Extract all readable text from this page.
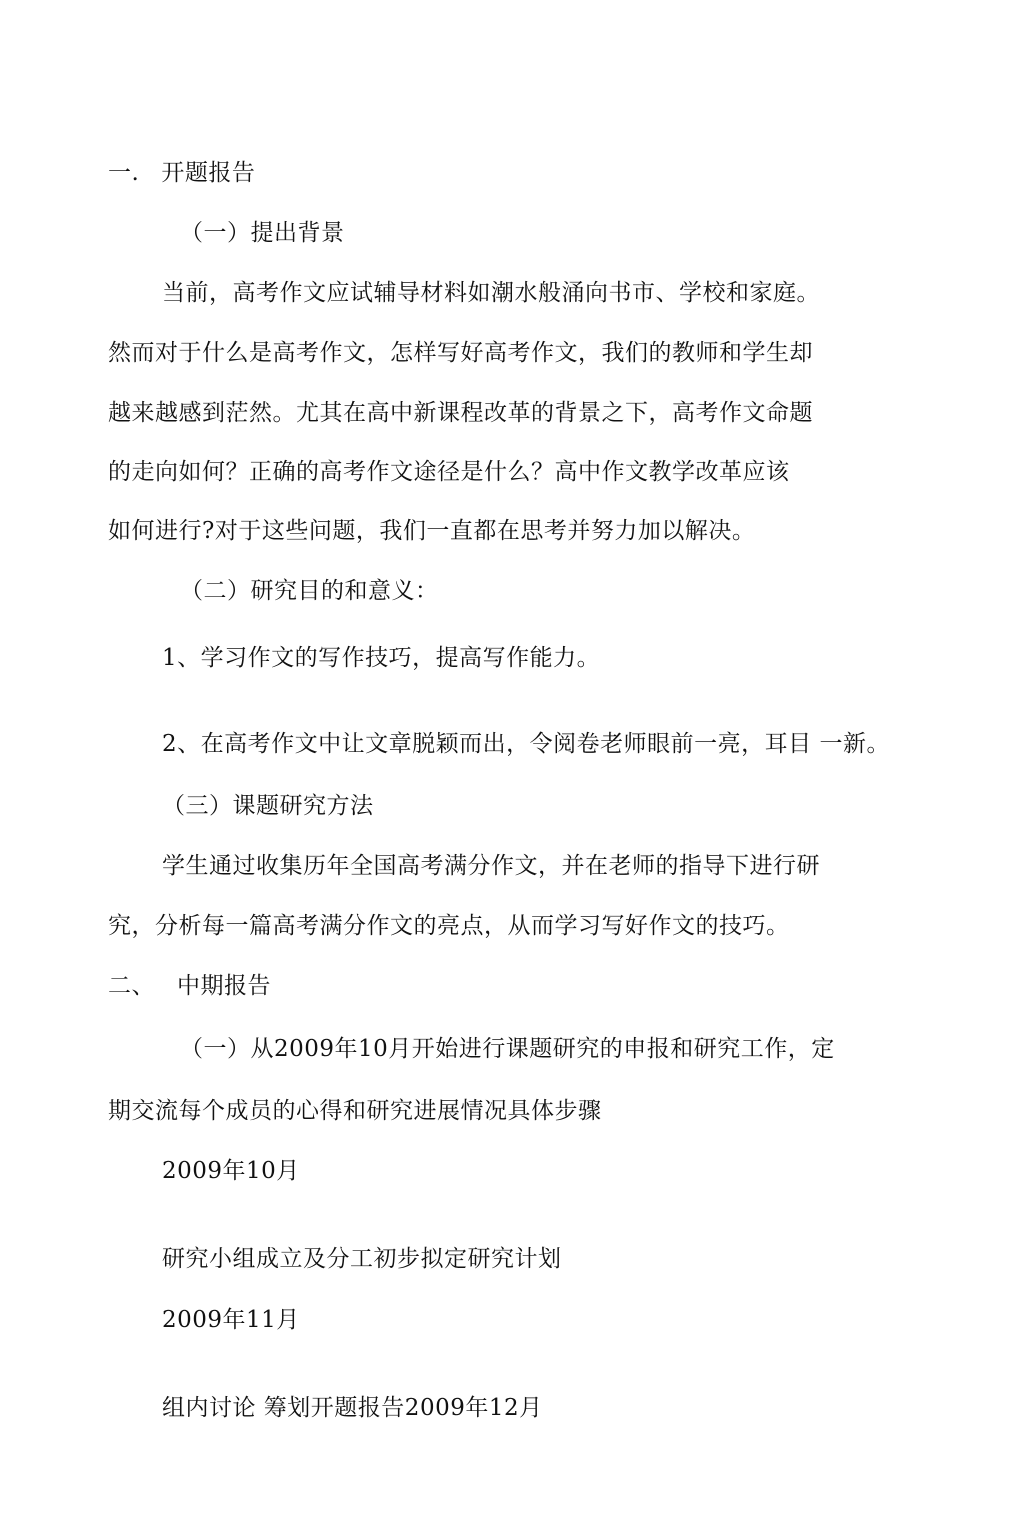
一. 开题报告
（一）提出背景
当前，高考作文应试辅导材料如潮水般涌向书市、学校和家庭。
然而对于什么是高考作文，怎样写好高考作文，我们的教师和学生却
越来越感到茫然。尤其在高中新课程改革的背景之下，高考作文命题
的走向如何？正确的高考作文途径是什么？高中作文教学改革应该
如何进行?对于这些问题，我们一直都在思考并努力加以解决。
（二）研究目的和意义：
1、学习作文的写作技巧，提高写作能力。
2、在高考作文中让文章脱颖而出，令阅卷老师眼前一亮，耳目 一新。
（三）课题研究方法
学生通过收集历年全国高考满分作文，并在老师的指导下进行研
究，分析每一篇高考满分作文的亮点，从而学习写好作文的技巧。
二、 中期报告
（一）从2009年10月开始进行课题研究的申报和研究工作，定
期交流每个成员的心得和研究进展情况具体步骤
2009年10月
研究小组成立及分工初步拟定研究计划
2009年11月
组内讨论 筹划开题报告2009年12月
